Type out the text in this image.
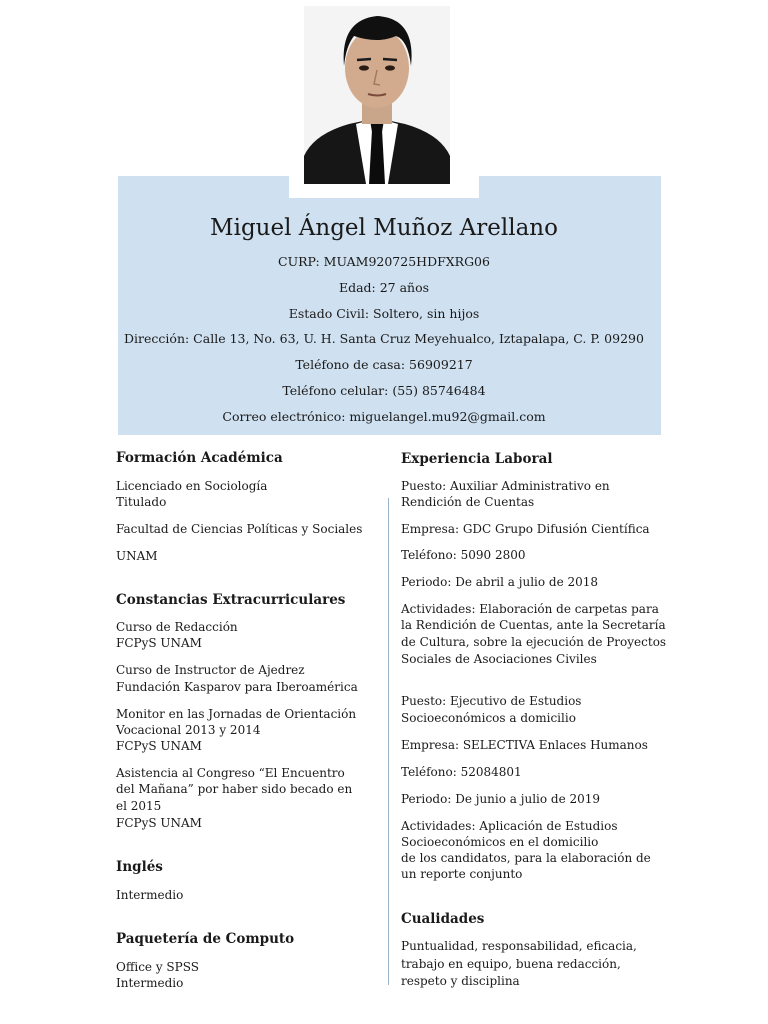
Miguel Ángel Muñoz Arellano
CURP: MUAM920725HDFXRG06
Edad: 27 años
Estado Civil: Soltero, sin hijos
Dirección: Calle 13, No. 63, U. H. Santa Cruz Meyehualco, Iztapalapa, C. P. 09290
Teléfono de casa: 56909217
Teléfono celular: (55) 85746484
Correo electrónico: miguelangel.mu92@gmail.com
Formación Académica
Licenciado en Sociología
Titulado
Facultad de Ciencias Políticas y Sociales
UNAM
Constancias Extracurriculares
Curso de Redacción
FCPyS UNAM
Curso de Instructor de Ajedrez
Fundación Kasparov para Iberoamérica
Monitor en las Jornadas de Orientación
Vocacional 2013 y 2014
FCPyS UNAM
Asistencia al Congreso “El Encuentro
del Mañana” por haber sido becado en
el 2015
FCPyS UNAM
Inglés
Intermedio
Paquetería de Computo
Office y SPSS
Intermedio
Experiencia Laboral
Puesto: Auxiliar Administrativo en
Rendición de Cuentas
Empresa: GDC Grupo Difusión Científica
Teléfono: 5090 2800
Periodo: De abril a julio de 2018
Actividades: Elaboración de carpetas para
la Rendición de Cuentas, ante la Secretaría
de Cultura, sobre la ejecución de Proyectos
Sociales de Asociaciones Civiles
Puesto: Ejecutivo de Estudios
Socioeconómicos a domicilio
Empresa: SELECTIVA Enlaces Humanos
Teléfono: 52084801
Periodo: De junio a julio de 2019
Actividades: Aplicación de Estudios
Socioeconómicos en el domicilio
de los candidatos, para la elaboración de
un reporte conjunto
Cualidades
Puntualidad, responsabilidad, eficacia,
trabajo en equipo, buena redacción,
respeto y disciplina
